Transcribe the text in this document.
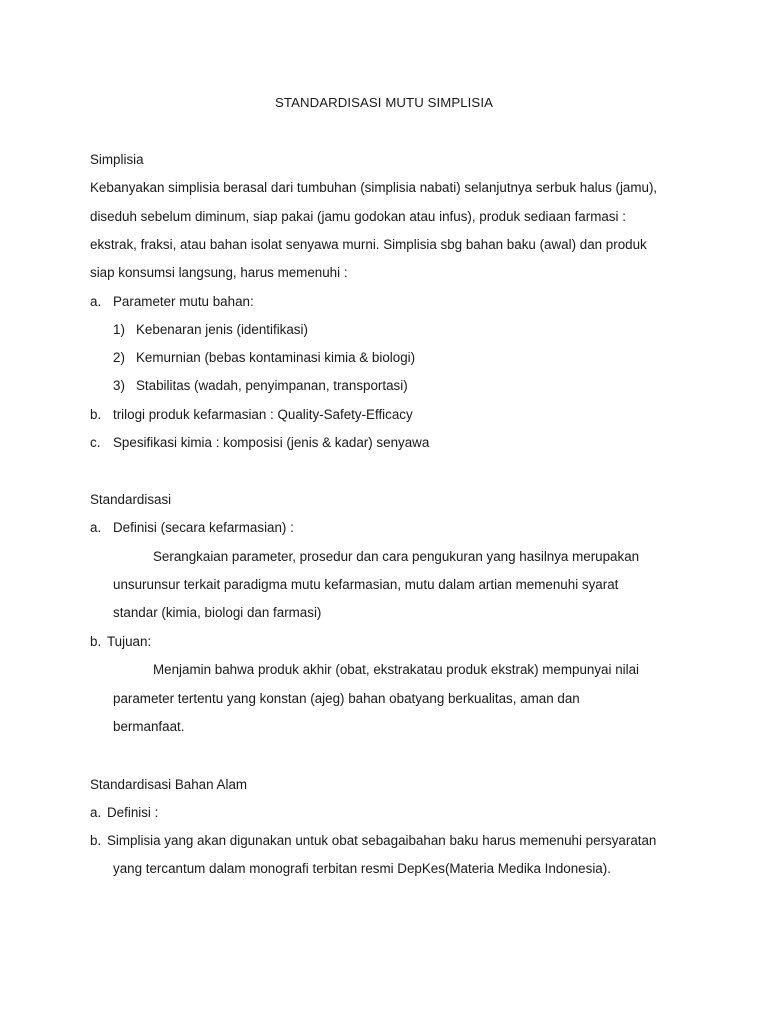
STANDARDISASI MUTU SIMPLISIA

Simplisia

Kebanyakan simplisia berasal dari tumbuhan (simplisia nabati) selanjutnya serbuk halus (jamu),

diseduh sebelum diminum, siap pakai (jamu godokan atau infus), produk sediaan farmasi :

ekstrak, fraksi, atau bahan isolat senyawa murni. Simplisia sbg bahan baku (awal) dan produk

siap konsumsi langsung, harus memenuhi :

a. Parameter mutu bahan:
1) Kebenaran jenis (identifikasi)
2) Kemurnian (bebas kontaminasi kimia & biologi)
3) Stabilitas (wadah, penyimpanan, transportasi)
b. trilogi produk kefarmasian : Quality-Safety-Efficacy
c. Spesifikasi kimia : komposisi (jenis & kadar) senyawa

Standardisasi

a. Definisi (secara kefarmasian) :

Serangkaian parameter, prosedur dan cara pengukuran yang hasilnya merupakan

unsurunsur terkait paradigma mutu kefarmasian, mutu dalam artian memenuhi syarat

standar (kimia, biologi dan farmasi)

b. Tujuan:

Menjamin bahwa produk akhir (obat, ekstrakatau produk ekstrak) mempunyai nilai

parameter tertentu yang konstan (ajeg) bahan obatyang berkualitas, aman dan

bermanfaat.

Standardisasi Bahan Alam

a. Definisi :
b. Simplisia yang akan digunakan untuk obat sebagaibahan baku harus memenuhi persyaratan

yang tercantum dalam monografi terbitan resmi DepKes(Materia Medika Indonesia).
